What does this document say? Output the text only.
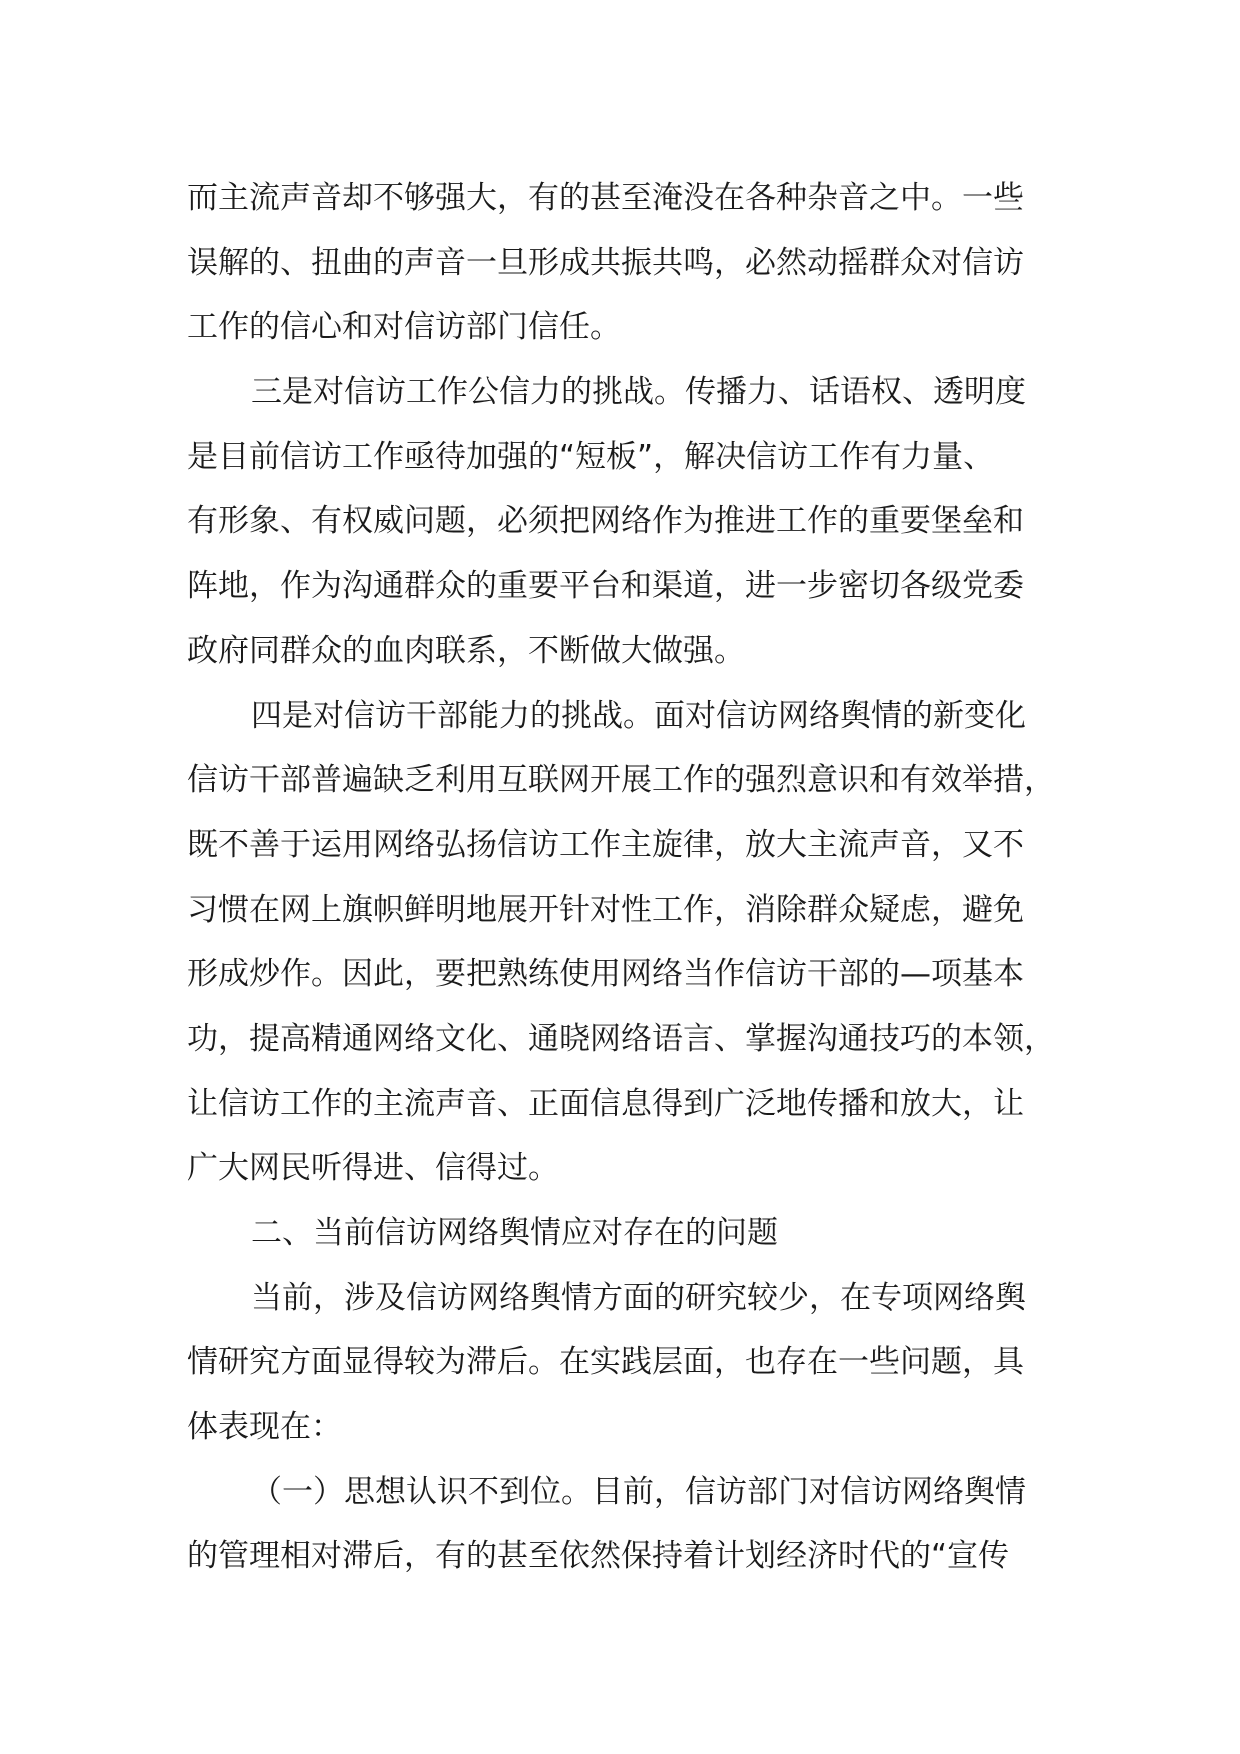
而主流声音却不够强大，有的甚至淹没在各种杂音之中。一些
误解的、扭曲的声音一旦形成共振共鸣，必然动摇群众对信访
工作的信心和对信访部门信任。
三是对信访工作公信力的挑战。传播力、话语权、透明度
是目前信访工作亟待加强的“短板”，解决信访工作有力量、
有形象、有权威问题，必须把网络作为推进工作的重要堡垒和
阵地，作为沟通群众的重要平台和渠道，进一步密切各级党委
政府同群众的血肉联系，不断做大做强。
四是对信访干部能力的挑战。面对信访网络舆情的新变化
信访干部普遍缺乏利用互联网开展工作的强烈意识和有效举措，
既不善于运用网络弘扬信访工作主旋律，放大主流声音，又不
习惯在网上旗帜鲜明地展开针对性工作，消除群众疑虑，避免
形成炒作。因此，要把熟练使用网络当作信访干部的—项基本
功，提高精通网络文化、通晓网络语言、掌握沟通技巧的本领，
让信访工作的主流声音、正面信息得到广泛地传播和放大，让
广大网民听得进、信得过。
二、当前信访网络舆情应对存在的问题
当前，涉及信访网络舆情方面的研究较少，在专项网络舆
情研究方面显得较为滞后。在实践层面，也存在一些问题，具
体表现在：
（一）思想认识不到位。目前，信访部门对信访网络舆情
的管理相对滞后，有的甚至依然保持着计划经济时代的“宣传
